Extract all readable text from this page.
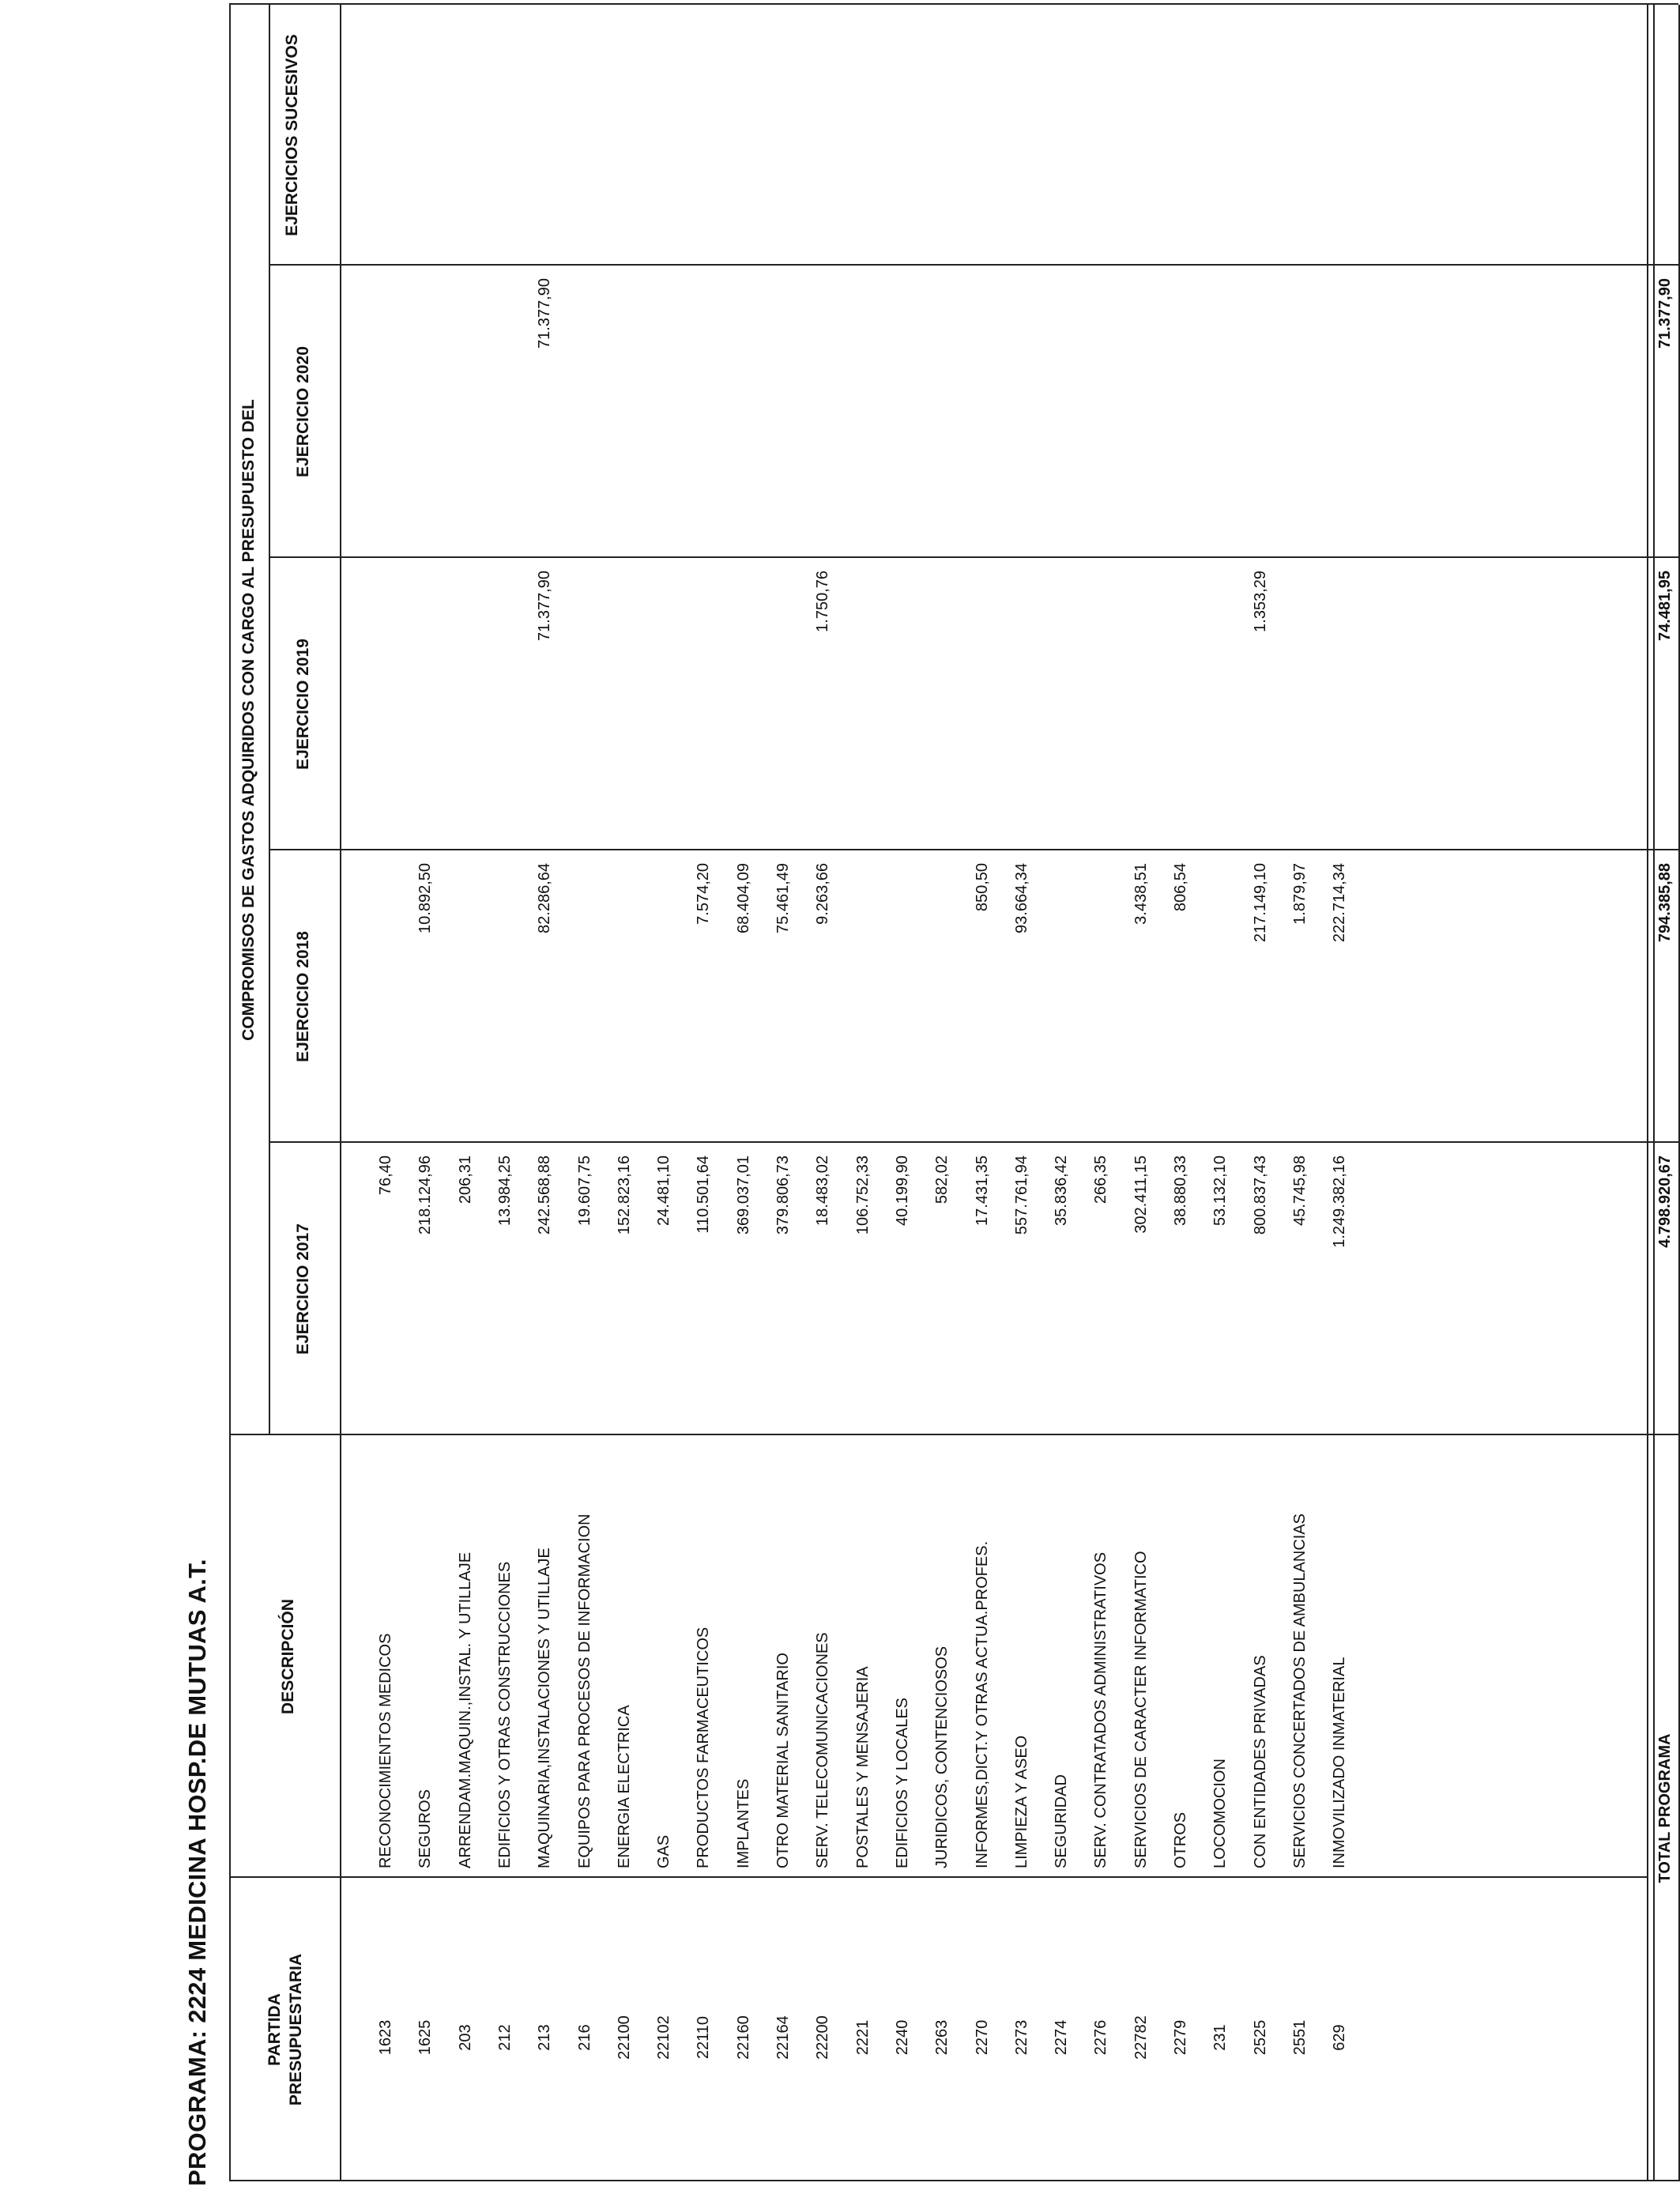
PROGRAMA: 2224 MEDICINA HOSP.DE MUTUAS A.T.	PARTIDA PRESUPUESTARIA
DESCRIPCIÓN
COMPROMISOS DE GASTOS ADQUIRIDOS CON CARGO AL PRESUPUESTO DEL
EJERCICIO 2017
EJERCICIO 2018
EJERCICIO 2019
EJERCICIO 2020
EJERCICIOS SUCESIVOS
1623
RECONOCIMIENTOS MEDICOS
76,40
1625
SEGUROS
218.124,96
10.892,50
203
ARRENDAM.MAQUIN.,INSTAL. Y UTILLAJE
206,31
212
EDIFICIOS Y OTRAS CONSTRUCCIONES
13.984,25
213
MAQUINARIA,INSTALACIONES Y UTILLAJE
242.568,88
82.286,64
71.377,90
71.377,90
216
EQUIPOS PARA PROCESOS DE INFORMACION
19.607,75
22100
ENERGIA ELECTRICA
152.823,16
22102
GAS
24.481,10
22110
PRODUCTOS FARMACEUTICOS
110.501,64
7.574,20
22160
IMPLANTES
369.037,01
68.404,09
22164
OTRO MATERIAL SANITARIO
379.806,73
75.461,49
22200
SERV. TELECOMUNICACIONES
18.483,02
9.263,66
1.750,76
2221
POSTALES Y MENSAJERIA
106.752,33
2240
EDIFICIOS Y LOCALES
40.199,90
2263
JURIDICOS, CONTENCIOSOS
582,02
2270
INFORMES,DICT.Y OTRAS ACTUA.PROFES.
17.431,35
850,50
2273
LIMPIEZA Y ASEO
557.761,94
93.664,34
2274
SEGURIDAD
35.836,42
2276
SERV. CONTRATADOS ADMINISTRATIVOS
266,35
22782
SERVICIOS DE CARACTER INFORMATICO
302.411,15
3.438,51
2279
OTROS
38.880,33
806,54
231
LOCOMOCION
53.132,10
2525
CON ENTIDADES PRIVADAS
800.837,43
217.149,10
1.353,29
2551
SERVICIOS CONCERTADOS DE AMBULANCIAS
45.745,98
1.879,97
629
INMOVILIZADO INMATERIAL
1.249.382,16
222.714,34
TOTAL PROGRAMA
4.798.920,67
794.385,88
74.481,95
71.377,90
